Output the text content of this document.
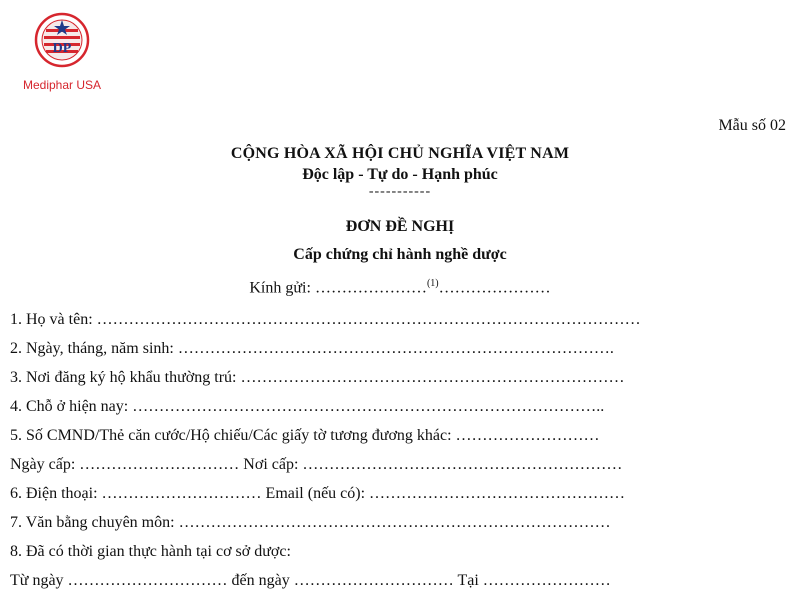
DP
Mediphar USA
Mẫu số 02
CỘNG HÒA XÃ HỘI CHỦ NGHĨA VIỆT NAM
Độc lập - Tự do - Hạnh phúc
-----------
ĐƠN ĐỀ NGHỊ
Cấp chứng chỉ hành nghề dược
Kính gửi: …………………$^{(1)}$…………………
1. Họ và tên: …………………………………………………………………………………………
2. Ngày, tháng, năm sinh: ……………………………………………………………………….
3. Nơi đăng ký hộ khẩu thường trú: ………………………………………………………………
4. Chỗ ở hiện nay: ……………………………………………………………………………..
5. Số CMND/Thẻ căn cước/Hộ chiếu/Các giấy tờ tương đương khác: ………………………
Ngày cấp: ………………………… Nơi cấp: ……………………………………………………
6. Điện thoại: ………………………… Email (nếu có): …………………………………………
7. Văn bằng chuyên môn: ………………………………………………………………………
8. Đã có thời gian thực hành tại cơ sở dược:
Từ ngày ………………………… đến ngày ………………………… Tại ……………………
